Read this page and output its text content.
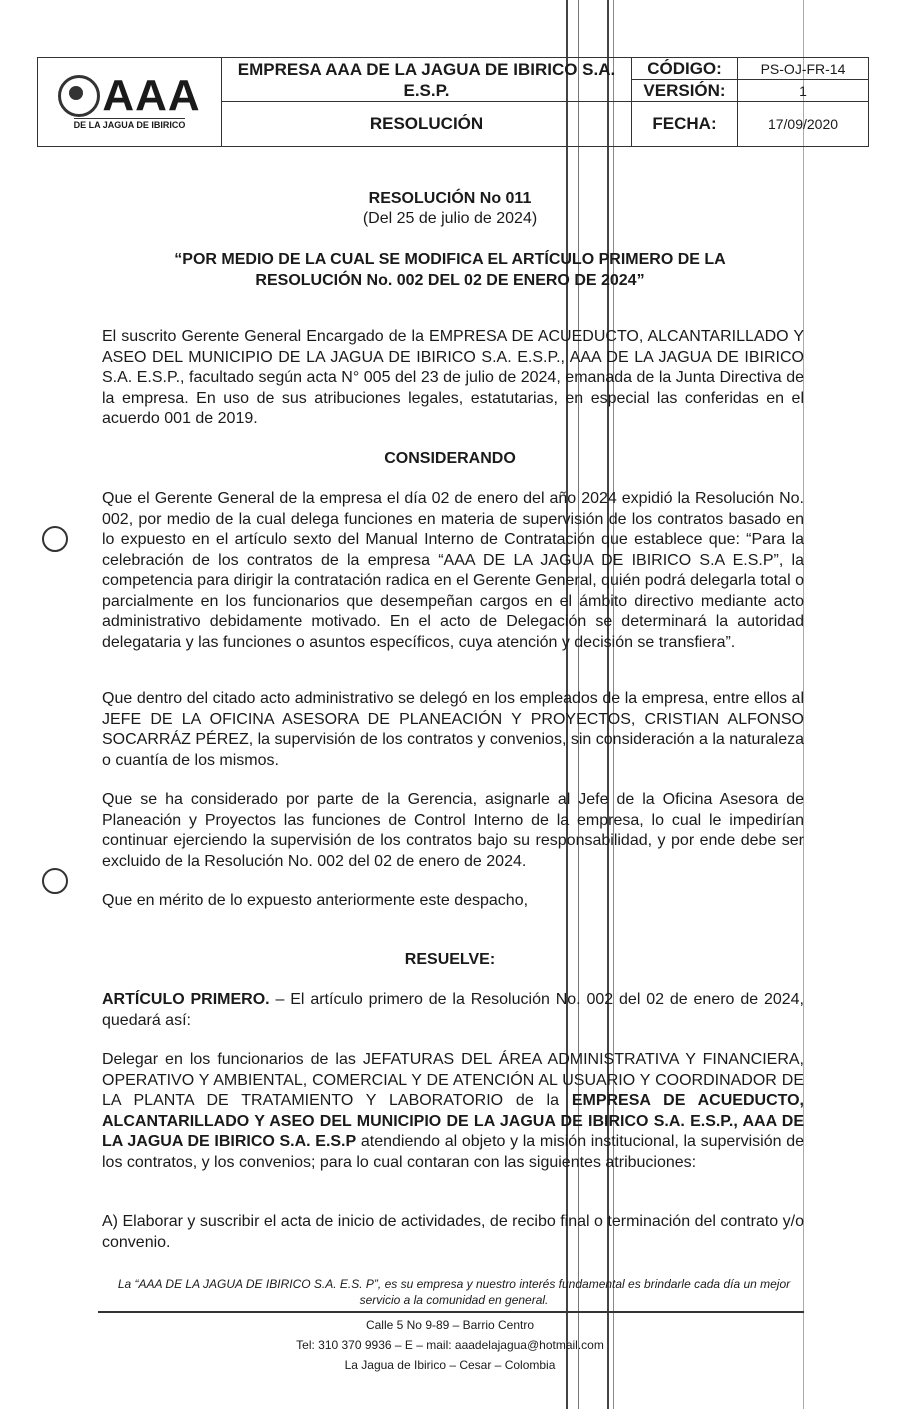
AAA
DE LA JAGUA DE IBIRICO
EMPRESA AAA DE LA JAGUA DE IBIRICO S.A.
E.S.P.
CÓDIGO:	PS-OJ-FR-14
VERSIÓN:	1
RESOLUCIÓN	FECHA:	17/09/2020
RESOLUCIÓN No 011
(Del 25 de julio de 2024)
“POR MEDIO DE LA CUAL SE MODIFICA EL ARTÍCULO PRIMERO DE LA
RESOLUCIÓN No. 002 DEL 02 DE ENERO DE 2024”
El suscrito Gerente General Encargado de la EMPRESA DE ACUEDUCTO, ALCANTARILLADO Y ASEO DEL MUNICIPIO DE LA JAGUA DE IBIRICO S.A. E.S.P., AAA DE LA JAGUA DE IBIRICO S.A. E.S.P., facultado según acta N° 005 del 23 de julio de 2024, emanada de la Junta Directiva de la empresa. En uso de sus atribuciones legales, estatutarias, en especial las conferidas en el acuerdo 001 de 2019.
CONSIDERANDO
Que el Gerente General de la empresa el día 02 de enero del año 2024 expidió la Resolución No. 002, por medio de la cual delega funciones en materia de supervisión de los contratos basado en lo expuesto en el artículo sexto del Manual Interno de Contratación que establece que: “Para la celebración de los contratos de la empresa “AAA DE LA JAGUA DE IBIRICO S.A E.S.P”, la competencia para dirigir la contratación radica en el Gerente General, quién podrá delegarla total o parcialmente en los funcionarios que desempeñan cargos en el ámbito directivo mediante acto administrativo debidamente motivado. En el acto de Delegación se determinará la autoridad delegataria y las funciones o asuntos específicos, cuya atención y decisión se transfiera”.
Que dentro del citado acto administrativo se delegó en los empleados de la empresa, entre ellos al JEFE DE LA OFICINA ASESORA DE PLANEACIÓN Y PROYECTOS, CRISTIAN ALFONSO SOCARRÁZ PÉREZ, la supervisión de los contratos y convenios, sin consideración a la naturaleza o cuantía de los mismos.
Que se ha considerado por parte de la Gerencia, asignarle al Jefe de la Oficina Asesora de Planeación y Proyectos las funciones de Control Interno de la empresa, lo cual le impedirían continuar ejerciendo la supervisión de los contratos bajo su responsabilidad, y por ende debe ser excluido de la Resolución No. 002 del 02 de enero de 2024.
Que en mérito de lo expuesto anteriormente este despacho,
RESUELVE:
ARTÍCULO PRIMERO. – El artículo primero de la Resolución No. 002 del 02 de enero de 2024, quedará así:
Delegar en los funcionarios de las JEFATURAS DEL ÁREA ADMINISTRATIVA Y FINANCIERA, OPERATIVO Y AMBIENTAL, COMERCIAL Y DE ATENCIÓN AL USUARIO Y COORDINADOR DE LA PLANTA DE TRATAMIENTO Y LABORATORIO de la EMPRESA DE ACUEDUCTO, ALCANTARILLADO Y ASEO DEL MUNICIPIO DE LA JAGUA DE IBIRICO S.A. E.S.P., AAA DE LA JAGUA DE IBIRICO S.A. E.S.P atendiendo al objeto y la misión institucional, la supervisión de los contratos, y los convenios; para lo cual contaran con las siguientes atribuciones:
A) Elaborar y suscribir el acta de inicio de actividades, de recibo final o terminación del contrato y/o convenio.
La “AAA DE LA JAGUA DE IBIRICO S.A. E.S. P”, es su empresa y nuestro interés fundamental es brindarle cada día un mejor
servicio a la comunidad en general.
Calle 5 No 9-89 – Barrio Centro
Tel: 310 370 9936 – E – mail: aaadelajagua@hotmail.com
La Jagua de Ibirico – Cesar – Colombia
